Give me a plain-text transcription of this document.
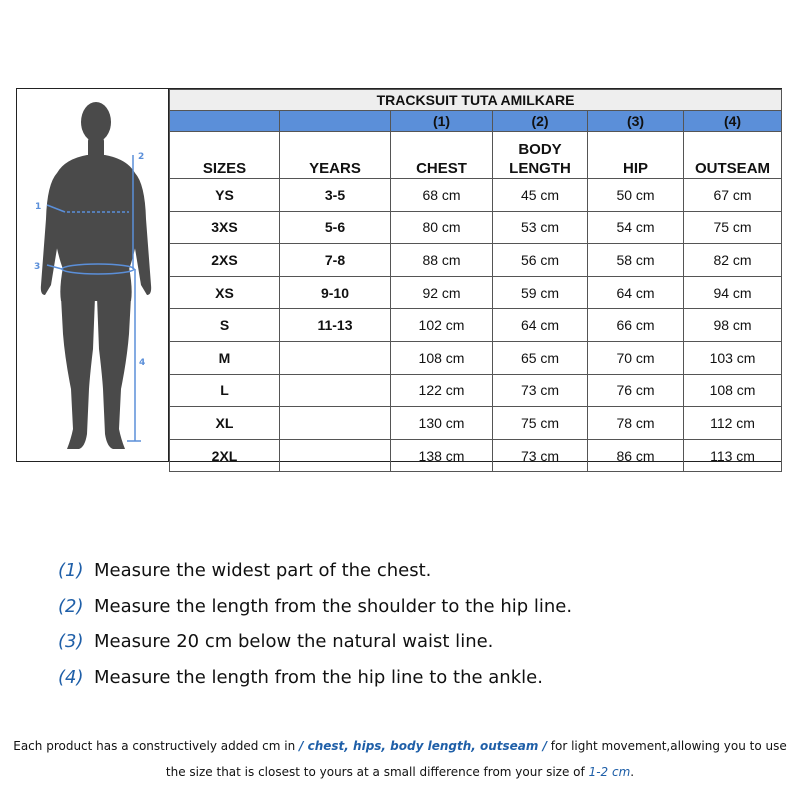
1
2
3
4
TRACKSUIT TUTA AMILKARE					
		(1)	(2)	(3)	(4)
SIZES	YEARS	CHEST	BODY LENGTH	HIP	OUTSEAM
YS	3-5	68 cm	45 cm	50 cm	67 cm
3XS	5-6	80 cm	53 cm	54 cm	75 cm
2XS	7-8	88 cm	56 cm	58 cm	82 cm
XS	9-10	92 cm	59 cm	64 cm	94 cm
S	11-13	102 cm	64 cm	66 cm	98 cm
M		108 cm	65 cm	70 cm	103 cm
L		122 cm	73 cm	76 cm	108 cm
XL		130 cm	75 cm	78 cm	112 cm
2XL		138 cm	73 cm	86 cm	113 cm
(1) Measure the widest part of the chest.
(2) Measure the length from the shoulder to the hip line.
(3) Measure 20 cm below the natural waist line.
(4) Measure the length from the hip line to the ankle.
Each product has a constructively added cm in / chest, hips, body length, outseam / for light movement,allowing you to use
the size that is closest to yours at a small difference from your size of 1-2 cm.
